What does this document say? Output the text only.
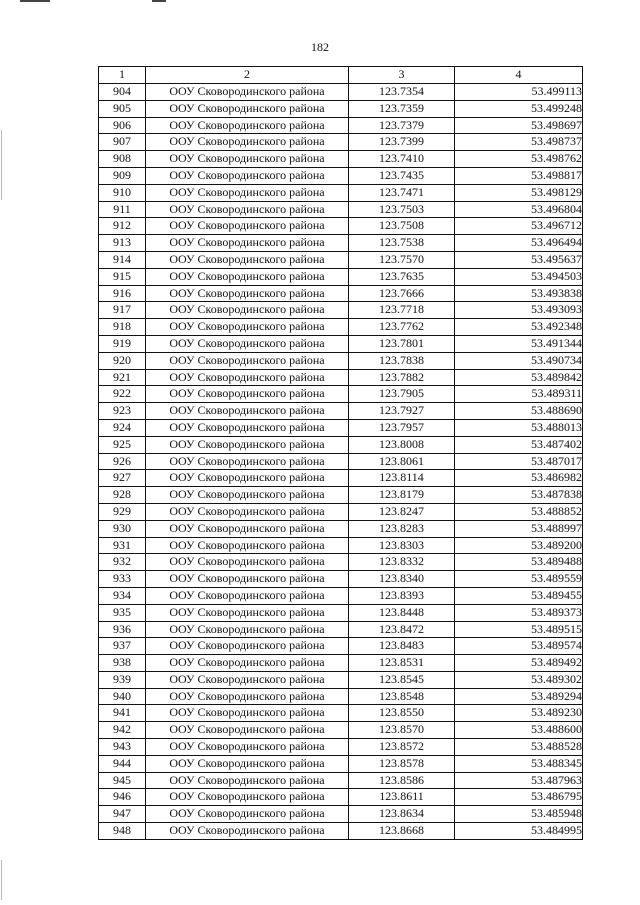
182
1	2	3	4
904	ООУ Сковородинского района	123.7354	53.499113
905	ООУ Сковородинского района	123.7359	53.499248
906	ООУ Сковородинского района	123.7379	53.498697
907	ООУ Сковородинского района	123.7399	53.498737
908	ООУ Сковородинского района	123.7410	53.498762
909	ООУ Сковородинского района	123.7435	53.498817
910	ООУ Сковородинского района	123.7471	53.498129
911	ООУ Сковородинского района	123.7503	53.496804
912	ООУ Сковородинского района	123.7508	53.496712
913	ООУ Сковородинского района	123.7538	53.496494
914	ООУ Сковородинского района	123.7570	53.495637
915	ООУ Сковородинского района	123.7635	53.494503
916	ООУ Сковородинского района	123.7666	53.493838
917	ООУ Сковородинского района	123.7718	53.493093
918	ООУ Сковородинского района	123.7762	53.492348
919	ООУ Сковородинского района	123.7801	53.491344
920	ООУ Сковородинского района	123.7838	53.490734
921	ООУ Сковородинского района	123.7882	53.489842
922	ООУ Сковородинского района	123.7905	53.489311
923	ООУ Сковородинского района	123.7927	53.488690
924	ООУ Сковородинского района	123.7957	53.488013
925	ООУ Сковородинского района	123.8008	53.487402
926	ООУ Сковородинского района	123.8061	53.487017
927	ООУ Сковородинского района	123.8114	53.486982
928	ООУ Сковородинского района	123.8179	53.487838
929	ООУ Сковородинского района	123.8247	53.488852
930	ООУ Сковородинского района	123.8283	53.488997
931	ООУ Сковородинского района	123.8303	53.489200
932	ООУ Сковородинского района	123.8332	53.489488
933	ООУ Сковородинского района	123.8340	53.489559
934	ООУ Сковородинского района	123.8393	53.489455
935	ООУ Сковородинского района	123.8448	53.489373
936	ООУ Сковородинского района	123.8472	53.489515
937	ООУ Сковородинского района	123.8483	53.489574
938	ООУ Сковородинского района	123.8531	53.489492
939	ООУ Сковородинского района	123.8545	53.489302
940	ООУ Сковородинского района	123.8548	53.489294
941	ООУ Сковородинского района	123.8550	53.489230
942	ООУ Сковородинского района	123.8570	53.488600
943	ООУ Сковородинского района	123.8572	53.488528
944	ООУ Сковородинского района	123.8578	53.488345
945	ООУ Сковородинского района	123.8586	53.487963
946	ООУ Сковородинского района	123.8611	53.486795
947	ООУ Сковородинского района	123.8634	53.485948
948	ООУ Сковородинского района	123.8668	53.484995
